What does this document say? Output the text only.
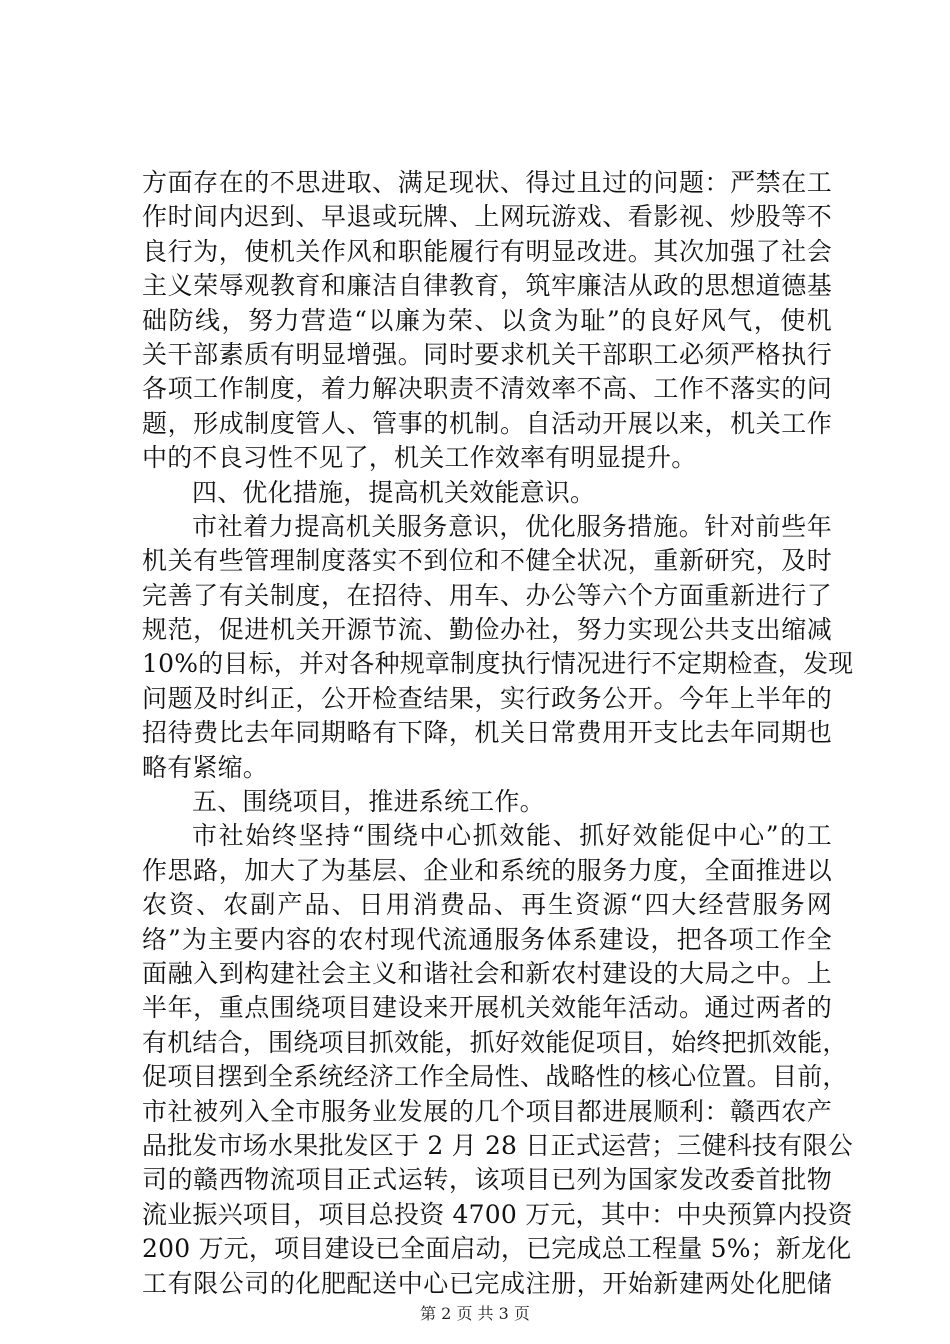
方面存在的不思进取、满足现状、得过且过的问题：严禁在工
作时间内迟到、早退或玩牌、上网玩游戏、看影视、炒股等不
良行为，使机关作风和职能履行有明显改进。其次加强了社会
主义荣辱观教育和廉洁自律教育，筑牢廉洁从政的思想道德基
础防线，努力营造“以廉为荣、以贪为耻”的良好风气，使机
关干部素质有明显增强。同时要求机关干部职工必须严格执行
各项工作制度，着力解决职责不清效率不高、工作不落实的问
题，形成制度管人、管事的机制。自活动开展以来，机关工作
中的不良习性不见了，机关工作效率有明显提升。
四、优化措施，提高机关效能意识。
市社着力提高机关服务意识，优化服务措施。针对前些年
机关有些管理制度落实不到位和不健全状况，重新研究，及时
完善了有关制度，在招待、用车、办公等六个方面重新进行了
规范，促进机关开源节流、勤俭办社，努力实现公共支出缩减
10%的目标，并对各种规章制度执行情况进行不定期检查，发现
问题及时纠正，公开检查结果，实行政务公开。今年上半年的
招待费比去年同期略有下降，机关日常费用开支比去年同期也
略有紧缩。
五、围绕项目，推进系统工作。
市社始终坚持“围绕中心抓效能、抓好效能促中心”的工
作思路，加大了为基层、企业和系统的服务力度，全面推进以
农资、农副产品、日用消费品、再生资源“四大经营服务网
络”为主要内容的农村现代流通服务体系建设，把各项工作全
面融入到构建社会主义和谐社会和新农村建设的大局之中。上
半年，重点围绕项目建设来开展机关效能年活动。通过两者的
有机结合，围绕项目抓效能，抓好效能促项目，始终把抓效能，
促项目摆到全系统经济工作全局性、战略性的核心位置。目前，
市社被列入全市服务业发展的几个项目都进展顺利：赣西农产
品批发市场水果批发区于 2 月 28 日正式运营；三健科技有限公
司的赣西物流项目正式运转，该项目已列为国家发改委首批物
流业振兴项目，项目总投资 4700 万元，其中：中央预算内投资
200 万元，项目建设已全面启动，已完成总工程量 5%；新龙化
工有限公司的化肥配送中心已完成注册，开始新建两处化肥储
第 2 页 共 3 页
